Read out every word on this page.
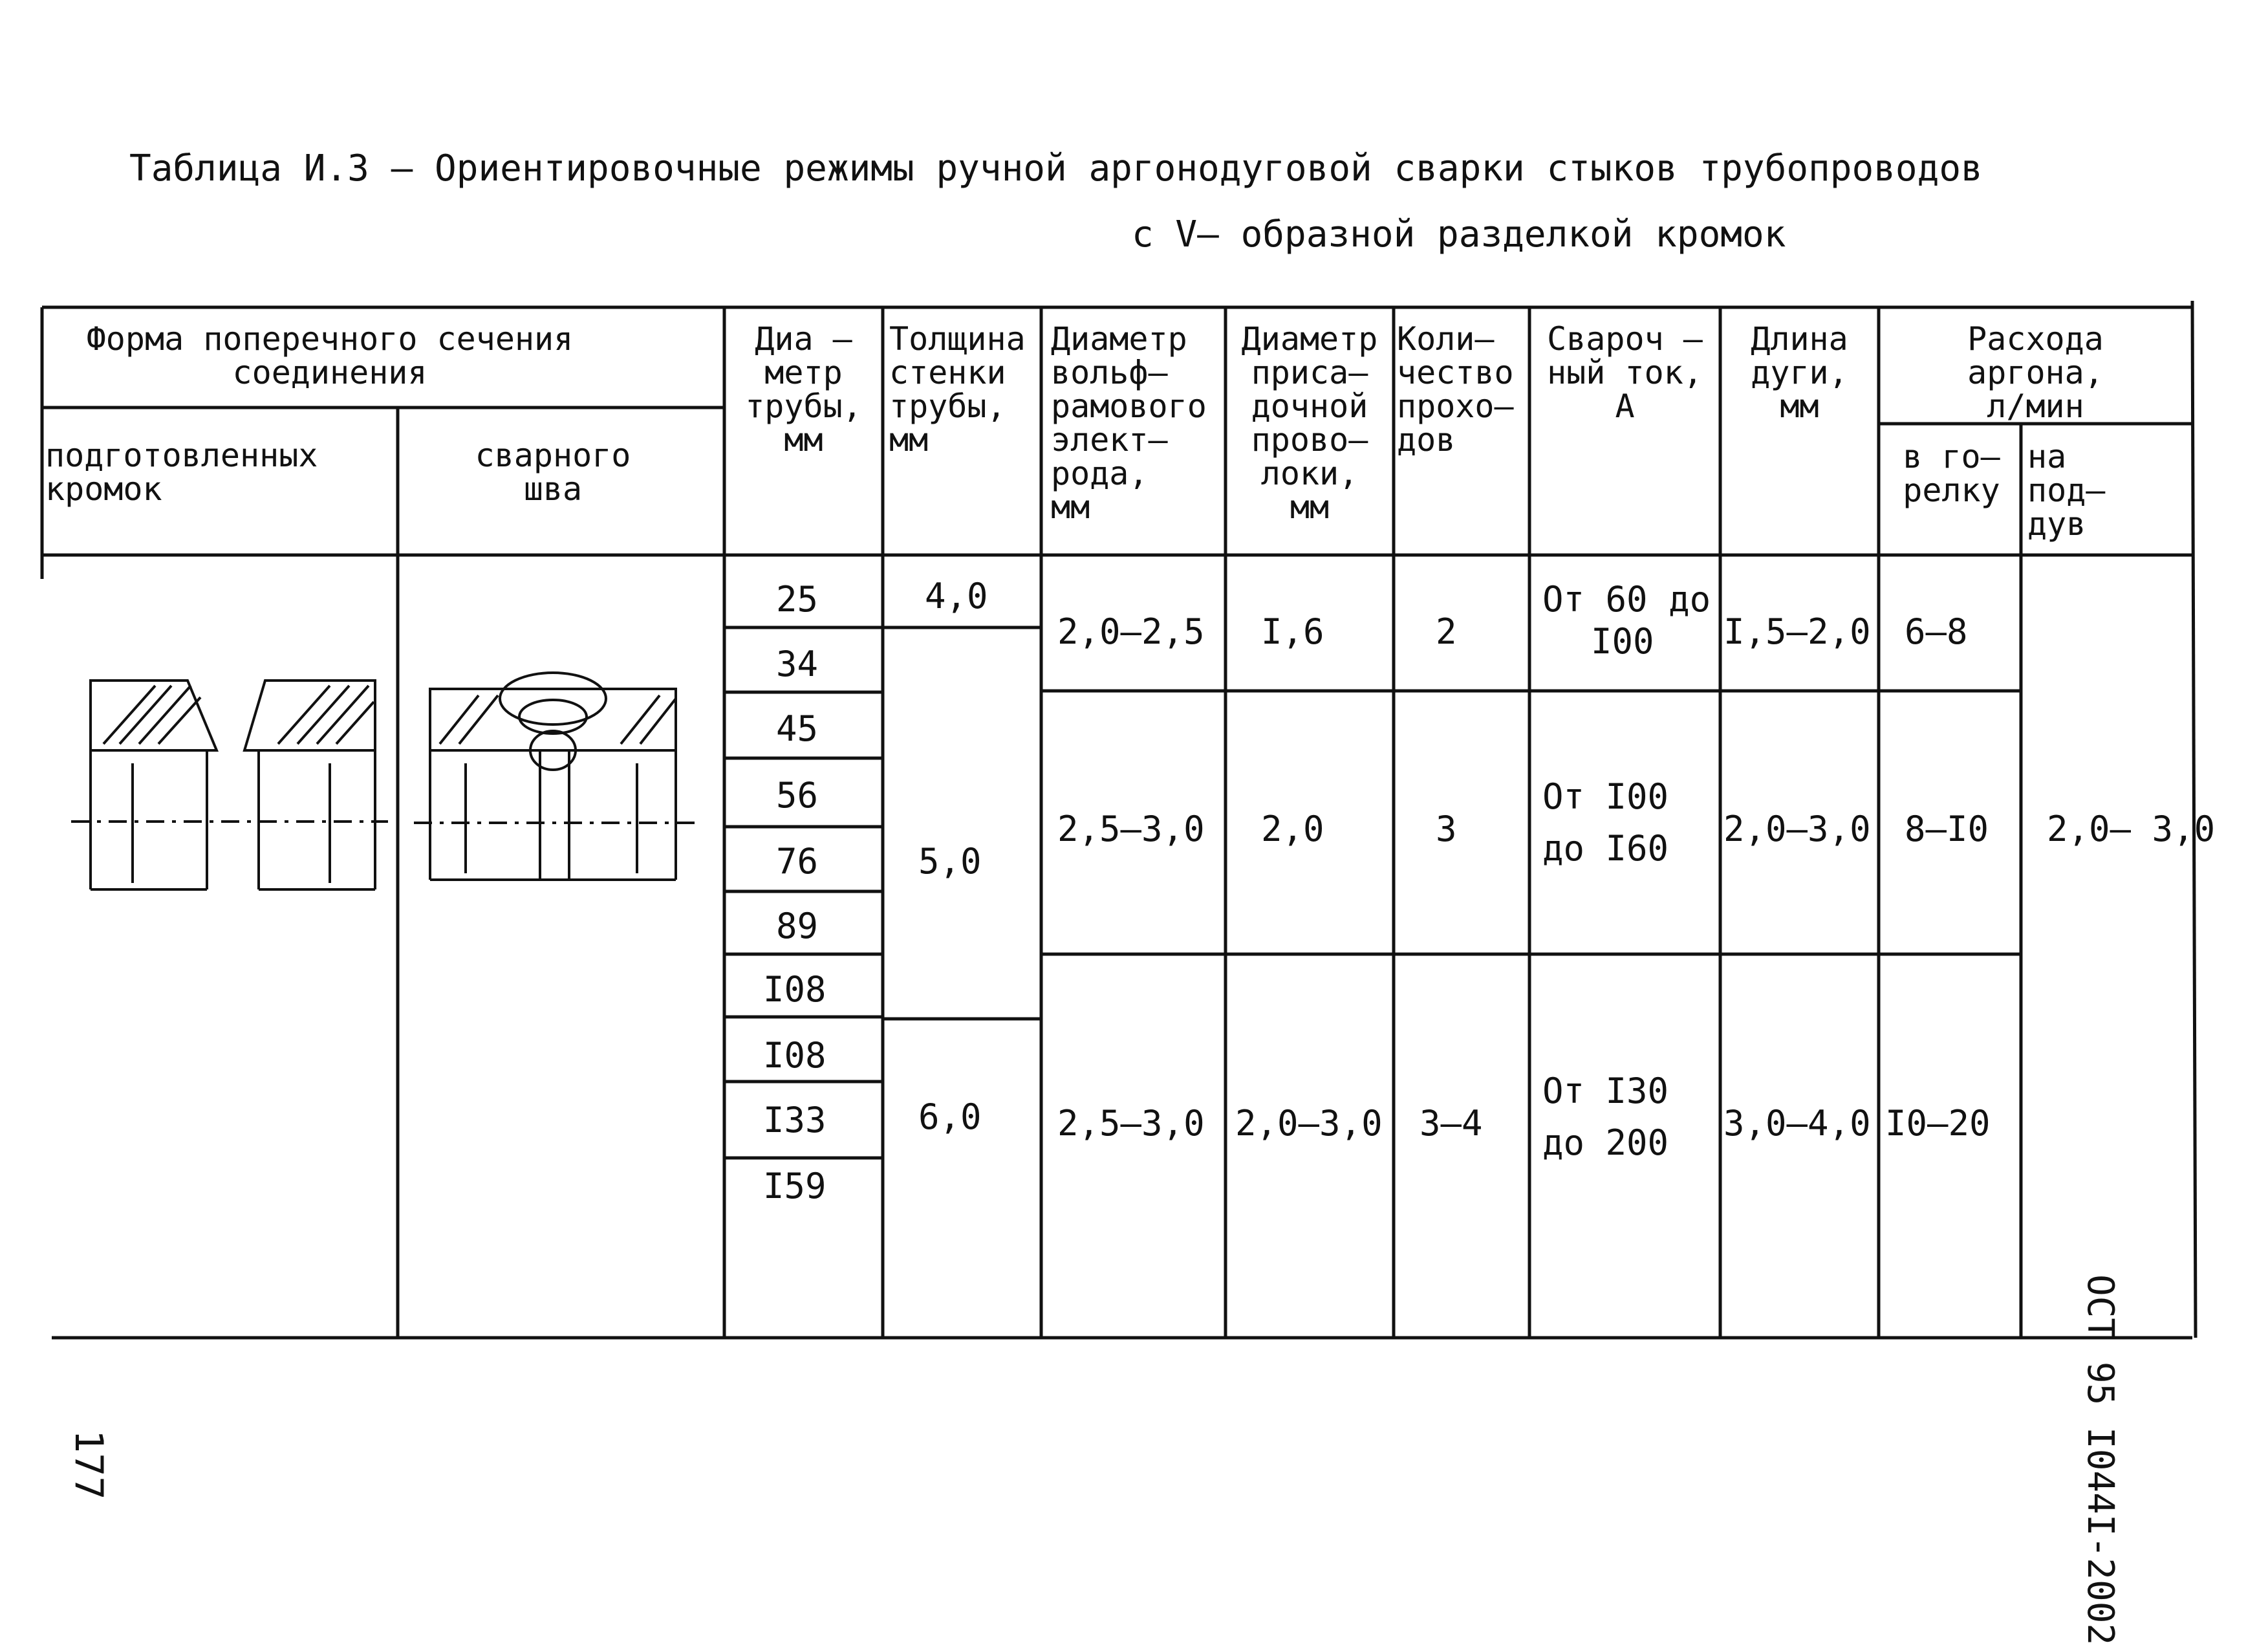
Таблица И.3 – Ориентировочные режимы ручной аргонодуговой сварки стыков трубопроводов
с V– образной разделкой кромок
Форма поперечного сечения
соединения
подготовленных
кромок
сварного
шва
Диа –
метр
трубы,
мм
Толщина
стенки
трубы,
мм
Диаметр
вольф–
рамового
элект–
рода,
мм
Диаметр
приса–
дочной
прово–
локи,
мм
Коли–
чество
прохо–
дов
Свароч –
ный ток,
А
Длина
дуги,
мм
Расхода
аргона,
л/мин
в го–
релку
на
под–
дув
25
34
45
56
76
89
I08
I08
I33
I59
4,0
5,0
6,0
2,0–2,5 I,6	2
От 60 до
I00 I,5–2,0 6–8
2,5–3,0 2,0	3
От I00
до I60 2,0–3,0 8–I0
2,5–3,0 2,0–3,0 3–4
От I30
до 200 3,0–4,0 I0–20
2,0– 3,0
ОСТ 95 I044I-2002
177
